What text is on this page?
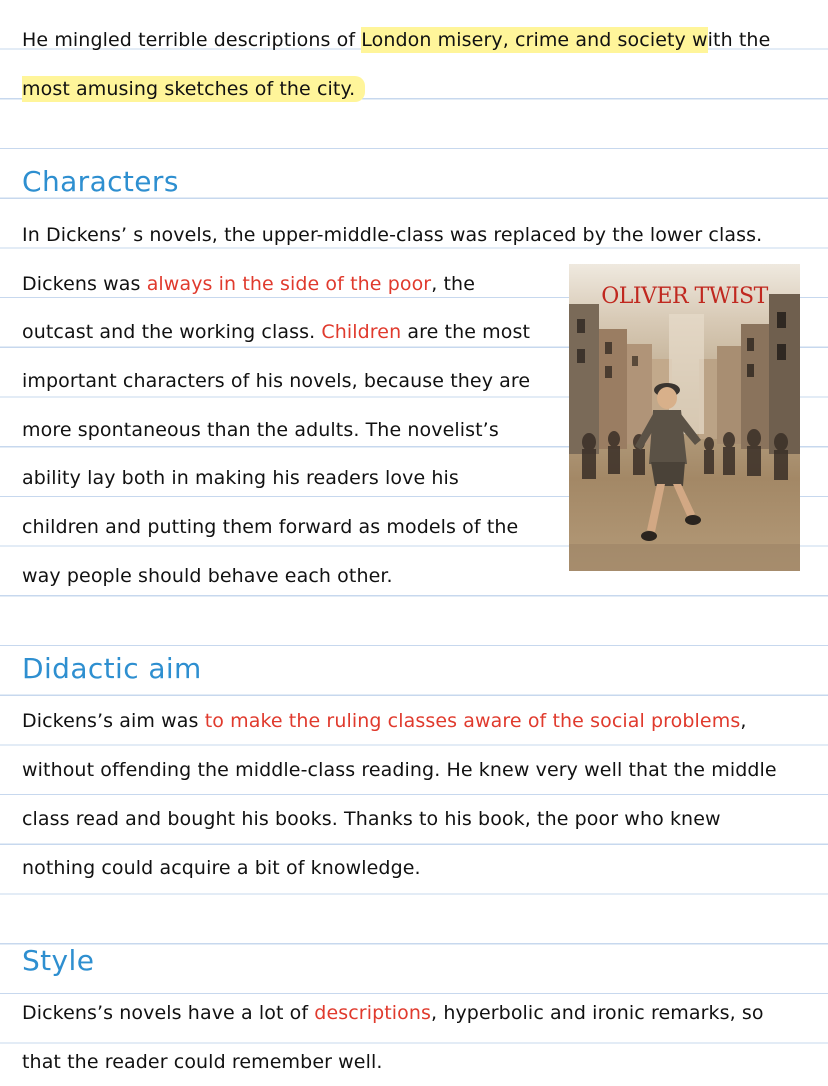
He mingled terrible descriptions of London misery, crime and society with the
most amusing sketches of the city.
Characters
In Dickens’ s novels, the upper-middle-class was replaced by the lower class.
Dickens was always in the side of the poor, the
outcast and the working class. Children are the most
important characters of his novels, because they are
more spontaneous than the adults. The novelist’s
ability lay both in making his readers love his
children and putting them forward as models of the
way people should behave each other.
OLIVER TWIST
Didactic aim
Dickens’s aim was to make the ruling classes aware of the social problems,
without offending the middle-class reading. He knew very well that the middle
class read and bought his books. Thanks to his book, the poor who knew
nothing could acquire a bit of knowledge.
Style
Dickens’s novels have a lot of descriptions, hyperbolic and ironic remarks, so
that the reader could remember well.
